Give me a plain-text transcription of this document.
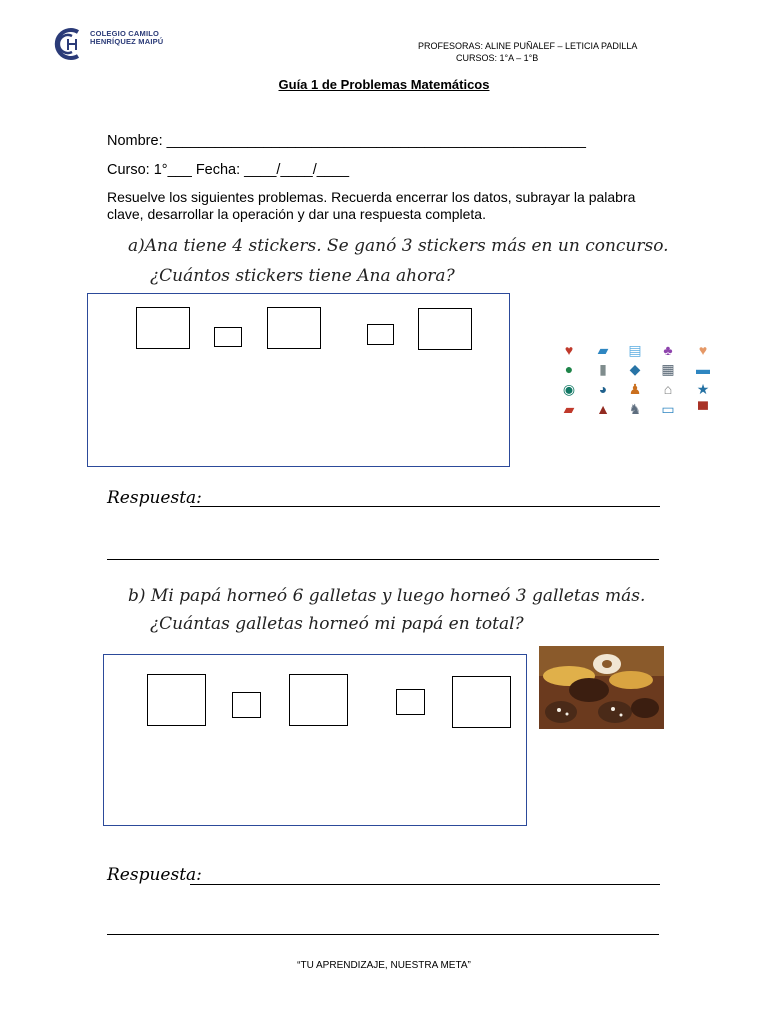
COLEGIO CAMILO HENRÍQUEZ MAIPÚ	PROFESORAS: ALINE PUÑALEF – LETICIA PADILLA
CURSOS: 1°A – 1°B
Guía 1 de Problemas Matemáticos
Nombre: ____________________________________________________
Curso: 1°___ Fecha: ____/____/____
Resuelve los siguientes problemas. Recuerda encerrar los datos, subrayar la palabra clave, desarrollar la operación y dar una respuesta completa.
a)Ana tiene 4 stickers. Se ganó 3 stickers más en un concurso.
¿Cuántos stickers tiene Ana ahora?
♥	▰ ▤	♣	♥
●	▮	◆ ▦ ▬
◉	◕	♟	⌂	★
▰ ▲ ♞ ▭ ▀
Respuesta:
b) Mi papá horneó 6 galletas y luego horneó 3 galletas más.
¿Cuántas galletas horneó mi papá en total?
Respuesta:
“TU APRENDIZAJE, NUESTRA META”
